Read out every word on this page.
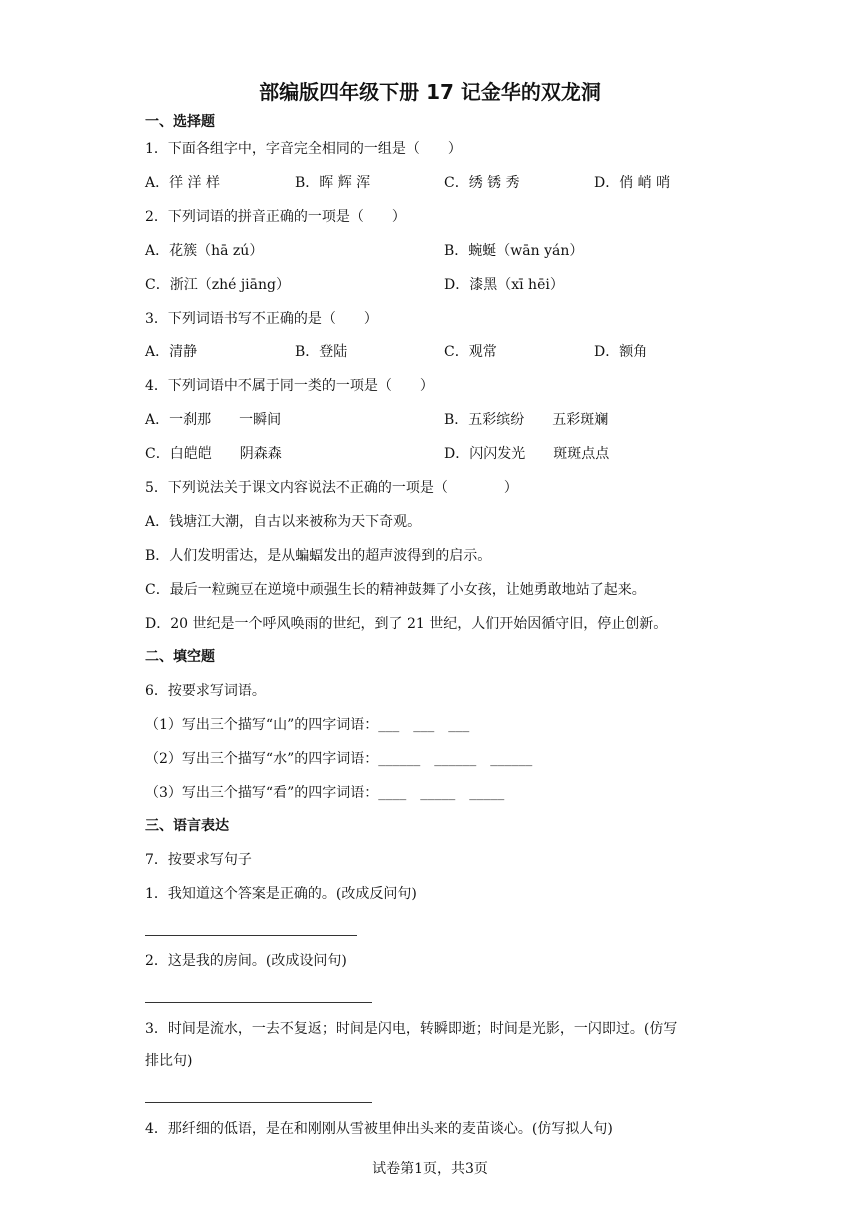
部编版四年级下册 17 记金华的双龙洞
一、选择题
1．下面各组字中，字音完全相同的一组是（　　）
A．徉 洋 样	B．晖 辉 浑	C．绣 锈 秀	D．俏 峭 哨
2．下列词语的拼音正确的一项是（　　）
A．花簇（hā zú）	B．蜿蜒（wān yán）
C．浙江（zhé jiāng）	D．漆黑（xī hēi）
3．下列词语书写不正确的是（　　）
A．清静	B．登陆	C．观常	D．额角
4．下列词语中不属于同一类的一项是（　　）
A．一刹那　　一瞬间	B．五彩缤纷　　五彩斑斓
C．白皑皑　　阴森森	D．闪闪发光　　斑斑点点
5．下列说法关于课文内容说法不正确的一项是（　　　　）
A．钱塘江大潮，自古以来被称为天下奇观。
B．人们发明雷达，是从蝙蝠发出的超声波得到的启示。
C．最后一粒豌豆在逆境中顽强生长的精神鼓舞了小女孩，让她勇敢地站了起来。
D．20 世纪是一个呼风唤雨的世纪，到了 21 世纪，人们开始因循守旧，停止创新。
二、填空题
6．按要求写词语。
（1）写出三个描写“山”的四字词语：___　___　___
（2）写出三个描写“水”的四字词语：______　______　______
（3）写出三个描写“看”的四字词语：____　_____　_____
三、语言表达
7．按要求写句子
1．我知道这个答案是正确的。(改成反问句)
2．这是我的房间。(改成设问句)
3．时间是流水，一去不复返；时间是闪电，转瞬即逝；时间是光影，一闪即过。(仿写
排比句)
4．那纤细的低语，是在和刚刚从雪被里伸出头来的麦苗谈心。(仿写拟人句)
试卷第1页，共3页
